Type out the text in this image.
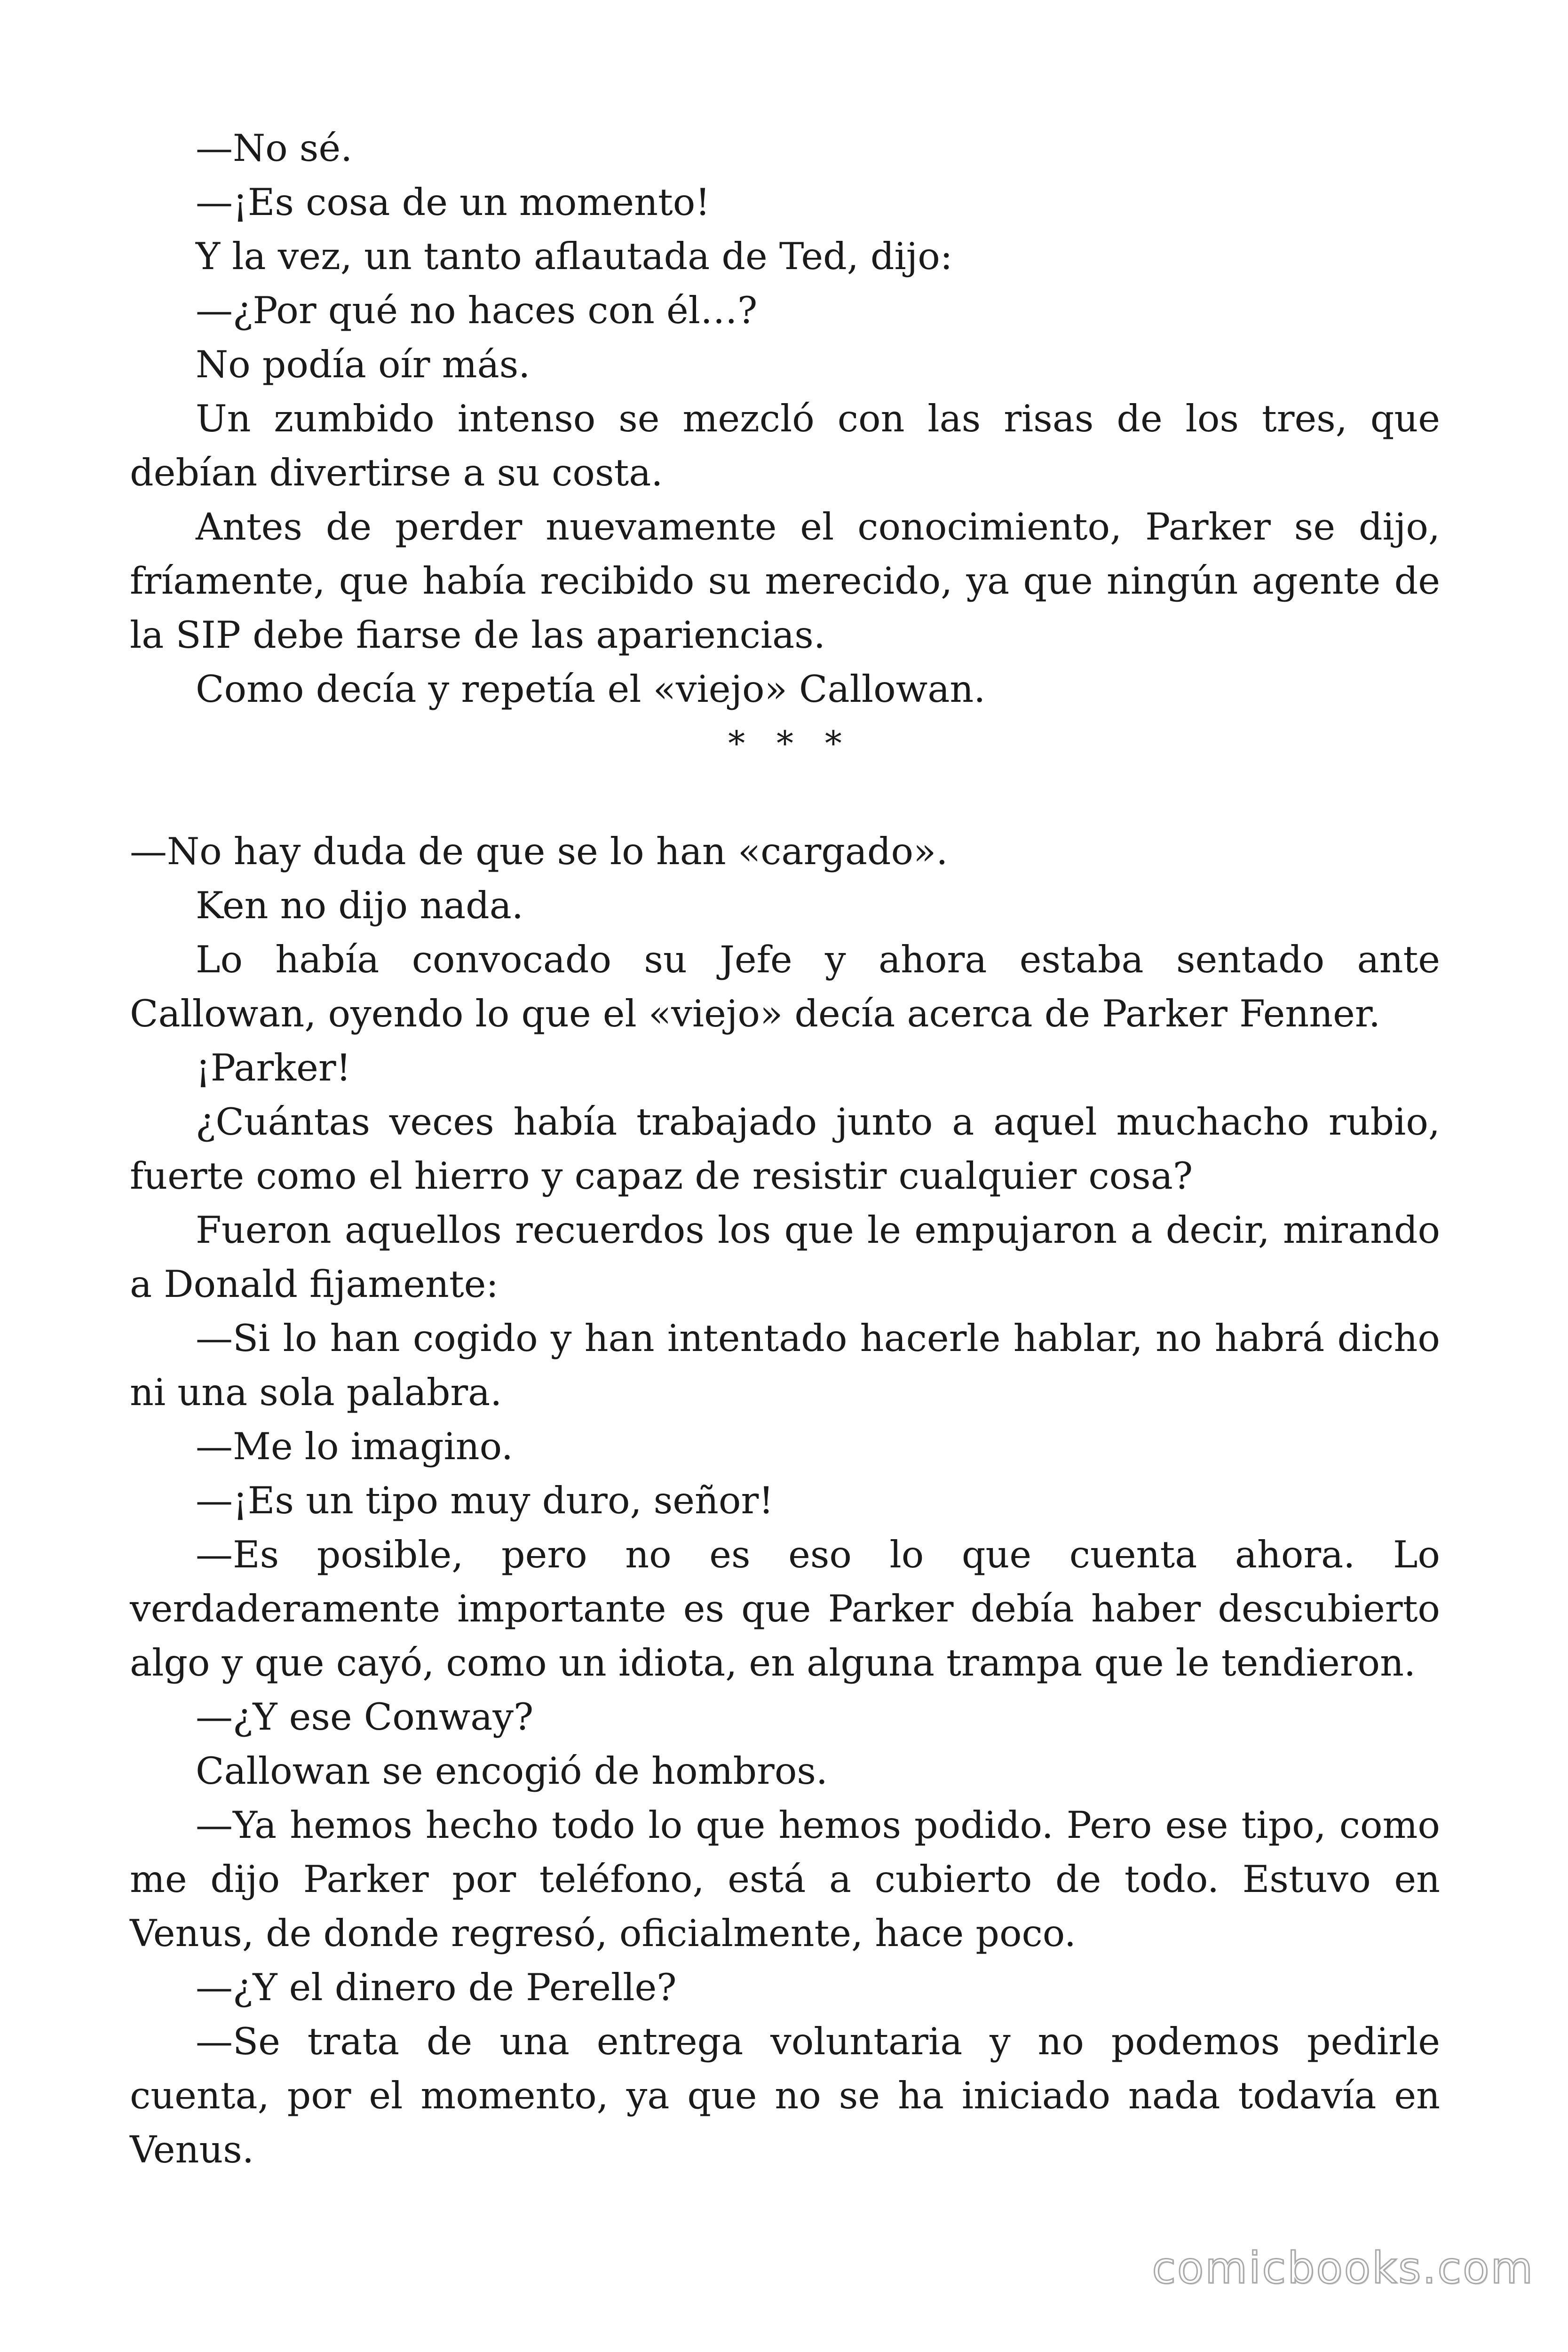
—No sé.

—¡Es cosa de un momento!

Y la vez, un tanto aflautada de Ted, dijo:

—¿Por qué no haces con él…?

No podía oír más.

Un zumbido intenso se mezcló con las risas de los tres, que debían divertirse a su costa.

Antes de perder nuevamente el conocimiento, Parker se dijo, fríamente, que había recibido su merecido, ya que ningún agente de la SIP debe fiarse de las apariencias.

Como decía y repetía el «viejo» Callowan.

* * *

—No hay duda de que se lo han «cargado».

Ken no dijo nada.

Lo había convocado su Jefe y ahora estaba sentado ante Callowan, oyendo lo que el «viejo» decía acerca de Parker Fenner.

¡Parker!

¿Cuántas veces había trabajado junto a aquel muchacho rubio, fuerte como el hierro y capaz de resistir cualquier cosa?

Fueron aquellos recuerdos los que le empujaron a decir, mirando a Donald fijamente:

—Si lo han cogido y han intentado hacerle hablar, no habrá dicho ni una sola palabra.

—Me lo imagino.

—¡Es un tipo muy duro, señor!

—Es posible, pero no es eso lo que cuenta ahora. Lo verdaderamente importante es que Parker debía haber descubierto algo y que cayó, como un idiota, en alguna trampa que le tendieron.

—¿Y ese Conway?

Callowan se encogió de hombros.

—Ya hemos hecho todo lo que hemos podido. Pero ese tipo, como me dijo Parker por teléfono, está a cubierto de todo. Estuvo en Venus, de donde regresó, oficialmente, hace poco.

—¿Y el dinero de Perelle?

—Se trata de una entrega voluntaria y no podemos pedirle cuenta, por el momento, ya que no se ha iniciado nada todavía en Venus.

comicbooks.com
